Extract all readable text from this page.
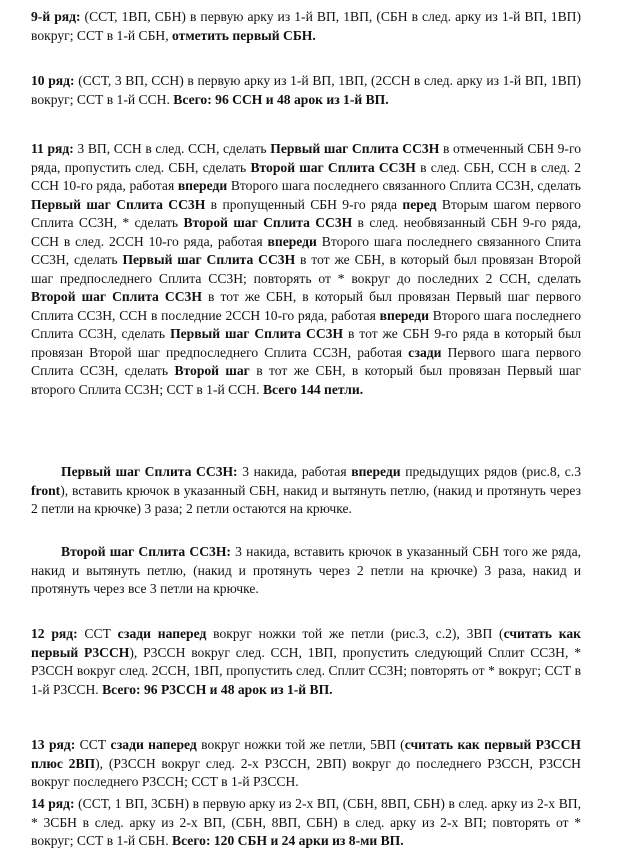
9-й ряд: (ССТ, 1ВП, СБН) в первую арку из 1-й ВП, 1ВП, (СБН в след. арку из 1-й ВП, 1ВП) вокруг; ССТ в 1-й СБН, отметить первый СБН.

10 ряд: (ССТ, 3 ВП, ССН) в первую арку из 1-й ВП, 1ВП, (2ССН в след. арку из 1-й ВП, 1ВП) вокруг; ССТ в 1-й ССН. Всего: 96 ССН и 48 арок из 1-й ВП.

11 ряд: 3 ВП, ССН в след. ССН, сделать Первый шаг Сплита СС3Н в отмеченный СБН 9-го ряда, пропустить след. СБН, сделать Второй шаг Сплита СС3Н в след. СБН, ССН в след. 2 ССН 10-го ряда, работая впереди Второго шага последнего связанного Сплита СС3Н, сделать Первый шаг Сплита СС3Н в пропущенный СБН 9-го ряда перед Вторым шагом первого Сплита СС3Н, * сделать Второй шаг Сплита СС3Н в след. необвязанный СБН 9-го ряда, ССН в след. 2ССН 10-го ряда, работая впереди Второго шага последнего связанного Спита СС3Н, сделать Первый шаг Сплита СС3Н в тот же СБН, в который был провязан Второй шаг предпоследнего Сплита СС3Н; повторять от * вокруг до последних 2 ССН, сделать Второй шаг Сплита СС3Н в тот же СБН, в который был провязан Первый шаг первого Сплита СС3Н, ССН в последние 2ССН 10-го ряда, работая впереди Второго шага последнего Сплита СС3Н, сделать Первый шаг Сплита СС3Н в тот же СБН 9-го ряда в который был провязан Второй шаг предпоследнего Сплита СС3Н, работая сзади Первого шага первого Сплита СС3Н, сделать Второй шаг в тот же СБН, в который был провязан Первый шаг второго Сплита СС3Н; ССТ в 1-й ССН. Всего 144 петли.

Первый шаг Сплита СС3Н: 3 накида, работая впереди предыдущих рядов (рис.8, с.3 front), вставить крючок в указанный СБН, накид и вытянуть петлю, (накид и протянуть через 2 петли на крючке) 3 раза; 2 петли остаются на крючке.

Второй шаг Сплита СС3Н: 3 накида, вставить крючок в указанный СБН того же ряда, накид и вытянуть петлю, (накид и протянуть через 2 петли на крючке) 3 раза, накид и протянуть через все 3 петли на крючке.

12 ряд: ССТ сзади наперед вокруг ножки той же петли (рис.3, с.2), 3ВП (считать как первый Р3ССН), Р3ССН вокруг след. ССН, 1ВП, пропустить следующий Сплит СС3Н, * Р3ССН вокруг след. 2ССН, 1ВП, пропустить след. Сплит СС3Н; повторять от * вокруг; ССТ в 1-й Р3ССН. Всего: 96 Р3ССН и 48 арок из 1-й ВП.

13 ряд: ССТ сзади наперед вокруг ножки той же петли, 5ВП (считать как первый Р3ССН плюс 2ВП), (Р3ССН вокруг след. 2-х Р3ССН, 2ВП) вокруг до последнего Р3ССН, Р3ССН вокруг последнего Р3ССН; ССТ в 1-й Р3ССН.

14 ряд: (ССТ, 1 ВП, 3СБН) в первую арку из 2-х ВП, (СБН, 8ВП, СБН) в след. арку из 2-х ВП, * 3СБН в след. арку из 2-х ВП, (СБН, 8ВП, СБН) в след. арку из 2-х ВП; повторять от * вокруг; ССТ в 1-й СБН. Всего: 120 СБН и 24 арки из 8-ми ВП.
